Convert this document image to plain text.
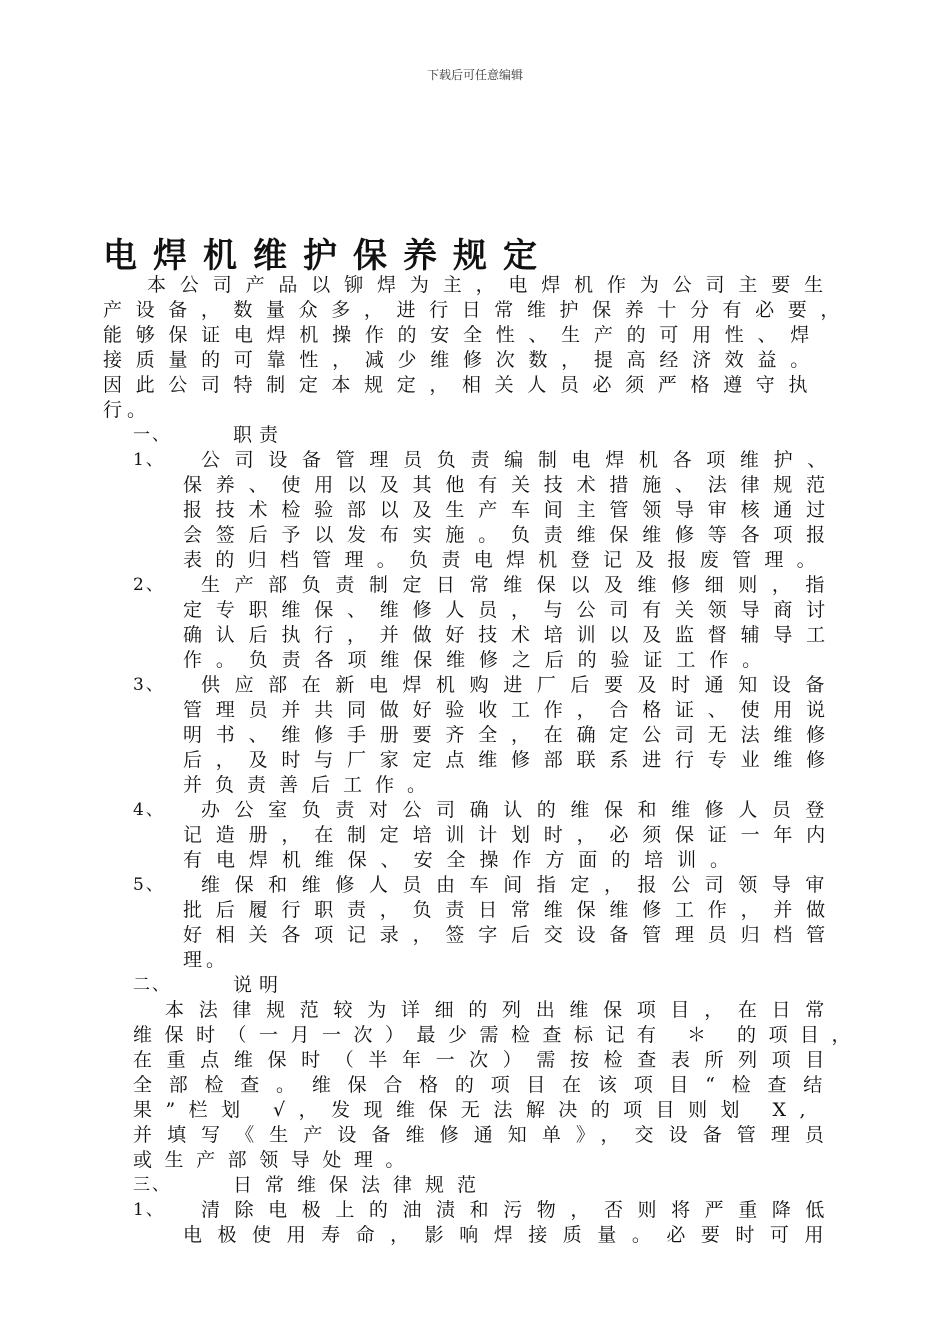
下载后可任意编辑
电焊机维护保养规定
本公司产品以铆焊为主，电焊机作为公司主要生
产设备，数量众多，进行日常维护保养十分有必要，
能够保证电焊机操作的安全性、生产的可用性、焊
接质量的可靠性，减少维修次数，提高经济效益。
因此公司特制定本规定，相关人员必须严格遵守执
行。
一、	职责
1、 公司设备管理员负责编制电焊机各项维护、
保养、使用以及其他有关技术措施、法律规范
报技术检验部以及生产车间主管领导审核通过
会签后予以发布实施。负责维保维修等各项报
表的归档管理。负责电焊机登记及报废管理。
2、 生产部负责制定日常维保以及维修细则，指
定专职维保、维修人员，与公司有关领导商讨
确认后执行，并做好技术培训以及监督辅导工
作。负责各项维保维修之后的验证工作。
3、 供应部在新电焊机购进厂后要及时通知设备
管理员并共同做好验收工作，合格证、使用说
明书、维修手册要齐全，在确定公司无法维修
后，及时与厂家定点维修部联系进行专业维修
并负责善后工作。
4、 办公室负责对公司确认的维保和维修人员登
记造册，在制定培训计划时，必须保证一年内
有电焊机维保、安全操作方面的培训。
5、 维保和维修人员由车间指定，报公司领导审
批后履行职责，负责日常维保维修工作，并做
好相关各项记录，签字后交设备管理员归档管
理。
二、	说明
本法律规范较为详细的列出维保项目，在日常
维保时（一月一次）最少需检查标记有 ＊ 的项目，
在重点维保时（半年一次）需按检查表所列项目
全部检查。维保合格的项目在该项目“检查结
果”栏划 √，发现维保无法解决的项目则划 X,
并填写《生产设备维修通知单》，交设备管理员
或生产部领导处理。
三、	日常维保法律规范
1、 清除电极上的油渍和污物，否则将严重降低
电极使用寿命，影响焊接质量。必要时可用
